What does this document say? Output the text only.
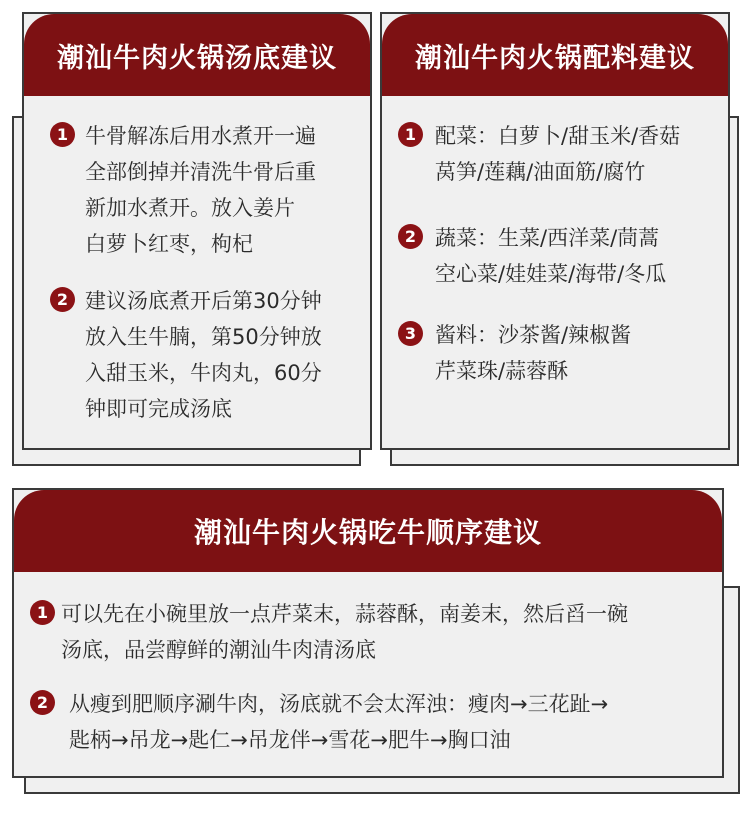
潮汕牛肉火锅汤底建议
1 牛骨解冻后用水煮开一遍
全部倒掉并清洗牛骨后重
新加水煮开。放入姜片
白萝卜红枣，枸杞
2 建议汤底煮开后第30分钟
放入生牛腩，第50分钟放
入甜玉米，牛肉丸，60分
钟即可完成汤底
潮汕牛肉火锅配料建议
1 配菜：白萝卜/甜玉米/香菇
莴笋/莲藕/油面筋/腐竹
2 蔬菜：生菜/西洋菜/茼蒿
空心菜/娃娃菜/海带/冬瓜
3 酱料：沙茶酱/辣椒酱
芹菜珠/蒜蓉酥
潮汕牛肉火锅吃牛顺序建议
1 可以先在小碗里放一点芹菜末，蒜蓉酥，南姜末，然后舀一碗
汤底，品尝醇鲜的潮汕牛肉清汤底
2 从瘦到肥顺序涮牛肉，汤底就不会太浑浊：瘦肉→三花趾→
匙柄→吊龙→匙仁→吊龙伴→雪花→肥牛→胸口油
